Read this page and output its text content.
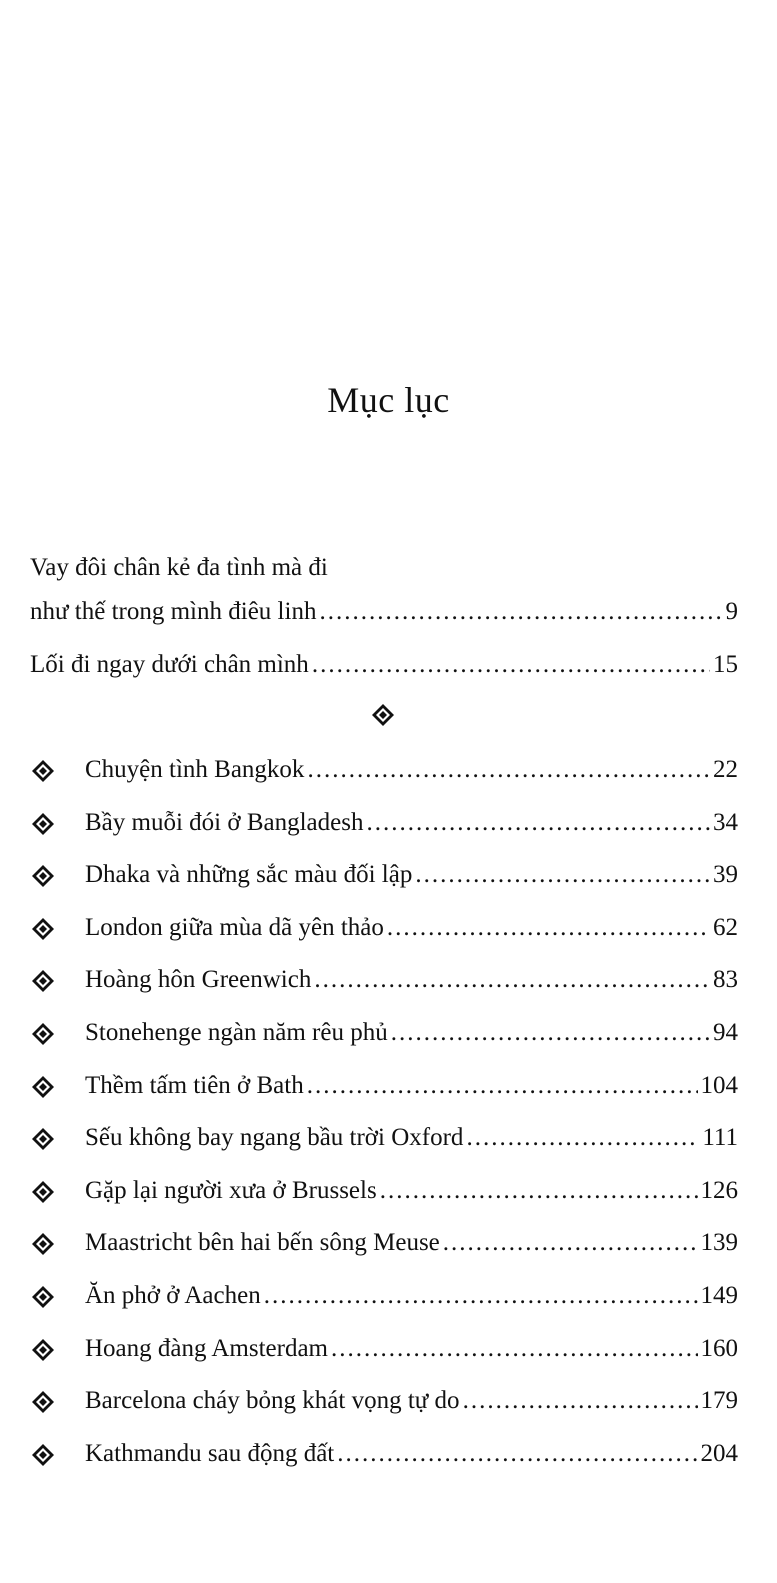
Mục lục
Vay đôi chân kẻ đa tình mà đi
như thế trong mình điêu linh .....	9
Lối đi ngay dưới chân mình .....	15
Chuyện tình Bangkok .....	22
Bầy muỗi đói ở Bangladesh .....	34
Dhaka và những sắc màu đối lập .....	39
London giữa mùa dã yên thảo .....	62
Hoàng hôn Greenwich .....	83
Stonehenge ngàn năm rêu phủ .....	94
Thềm tấm tiên ở Bath .....	104
Sếu không bay ngang bầu trời Oxford .....	111
Gặp lại người xưa ở Brussels .....	126
Maastricht bên hai bến sông Meuse .....	139
Ăn phở ở Aachen .....	149
Hoang đàng Amsterdam .....	160
Barcelona cháy bỏng khát vọng tự do .....	179
Kathmandu sau động đất .....	204
